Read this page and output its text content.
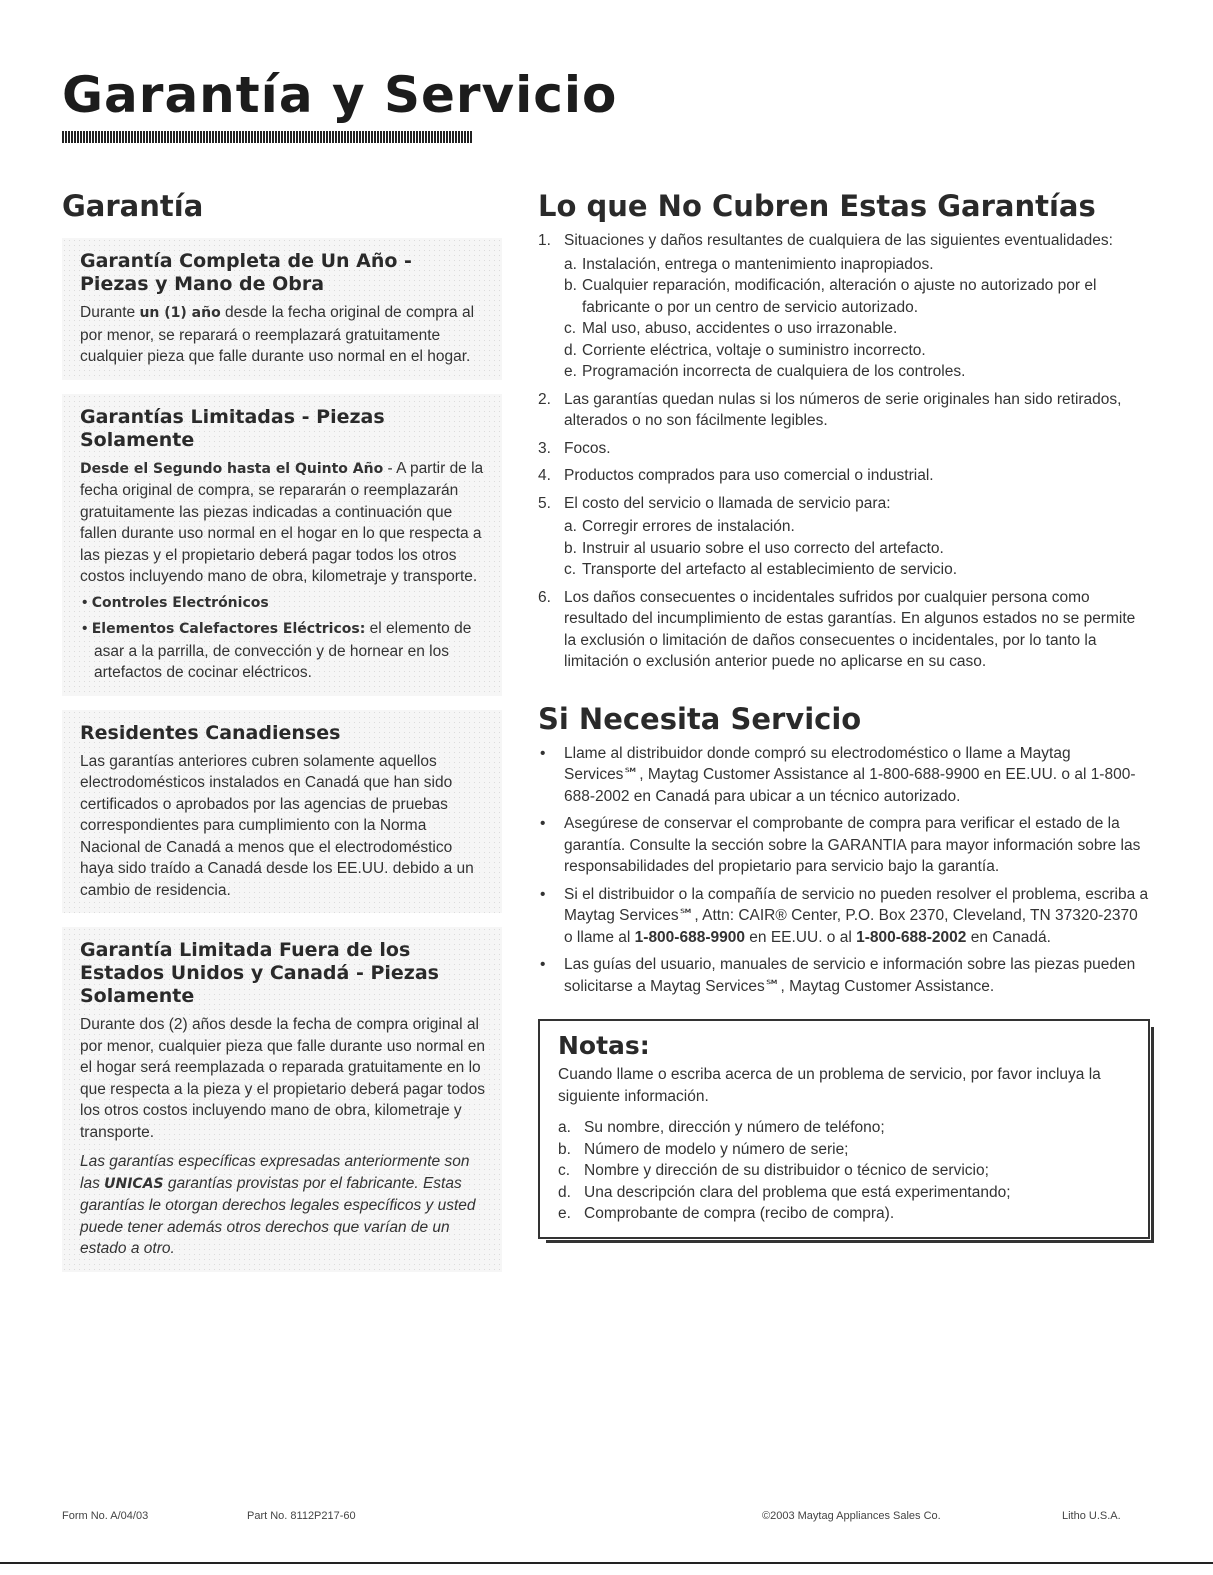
Garantía y Servicio
Garantía
Garantía Completa de Un Año - Piezas y Mano de Obra

Durante un (1) año desde la fecha original de compra al por menor, se reparará o reemplazará gratuitamente cualquier pieza que falle durante uso normal en el hogar.

Garantías Limitadas - Piezas Solamente

Desde el Segundo hasta el Quinto Año - A partir de la fecha original de compra, se repararán o reemplazarán gratuitamente las piezas indicadas a continuación que fallen durante uso normal en el hogar en lo que respecta a las piezas y el propietario deberá pagar todos los otros costos incluyendo mano de obra, kilometraje y transporte.

• Controles Electrónicos

• Elementos Calefactores Eléctricos: el elemento de asar a la parrilla, de convección y de hornear en los artefactos de cocinar eléctricos.

Residentes Canadienses

Las garantías anteriores cubren solamente aquellos electrodomésticos instalados en Canadá que han sido certificados o aprobados por las agencias de pruebas correspondientes para cumplimiento con la Norma Nacional de Canadá a menos que el electrodoméstico haya sido traído a Canadá desde los EE.UU. debido a un cambio de residencia.

Garantía Limitada Fuera de los Estados Unidos y Canadá - Piezas Solamente

Durante dos (2) años desde la fecha de compra original al por menor, cualquier pieza que falle durante uso normal en el hogar será reemplazada o reparada gratuitamente en lo que respecta a la pieza y el propietario deberá pagar todos los otros costos incluyendo mano de obra, kilometraje y transporte.

Las garantías específicas expresadas anteriormente son las UNICAS garantías provistas por el fabricante. Estas garantías le otorgan derechos legales específicos y usted puede tener además otros derechos que varían de un estado a otro.

Lo que No Cubren Estas Garantías
1. Situaciones y daños resultantes de cualquiera de las siguientes eventualidades:
a. Instalación, entrega o mantenimiento inapropiados.
b. Cualquier reparación, modificación, alteración o ajuste no autorizado por el fabricante o por un centro de servicio autorizado.
c. Mal uso, abuso, accidentes o uso irrazonable.
d. Corriente eléctrica, voltaje o suministro incorrecto.
e. Programación incorrecta de cualquiera de los controles.
2. Las garantías quedan nulas si los números de serie originales han sido retirados, alterados o no son fácilmente legibles.
3. Focos.
4. Productos comprados para uso comercial o industrial.
5. El costo del servicio o llamada de servicio para:
a. Corregir errores de instalación.
b. Instruir al usuario sobre el uso correcto del artefacto.
c. Transporte del artefacto al establecimiento de servicio.
6. Los daños consecuentes o incidentales sufridos por cualquier persona como resultado del incumplimiento de estas garantías. En algunos estados no se permite la exclusión o limitación de daños consecuentes o incidentales, por lo tanto la limitación o exclusión anterior puede no aplicarse en su caso.
Si Necesita Servicio
• Llame al distribuidor donde compró su electrodoméstico o llame a Maytag Services℠, Maytag Customer Assistance al 1-800-688-9900 en EE.UU. o al 1-800-688-2002 en Canadá para ubicar a un técnico autorizado.
• Asegúrese de conservar el comprobante de compra para verificar el estado de la garantía. Consulte la sección sobre la GARANTIA para mayor información sobre las responsabilidades del propietario para servicio bajo la garantía.
• Si el distribuidor o la compañía de servicio no pueden resolver el problema, escriba a Maytag Services℠, Attn: CAIR® Center, P.O. Box 2370, Cleveland, TN 37320-2370 o llame al 1-800-688-9900 en EE.UU. o al 1-800-688-2002 en Canadá.
• Las guías del usuario, manuales de servicio e información sobre las piezas pueden solicitarse a Maytag Services℠, Maytag Customer Assistance.
Notas:

Cuando llame o escriba acerca de un problema de servicio, por favor incluya la siguiente información.

a. Su nombre, dirección y número de teléfono;
b. Número de modelo y número de serie;
c. Nombre y dirección de su distribuidor o técnico de servicio;
d. Una descripción clara del problema que está experimentando;
e. Comprobante de compra (recibo de compra).
Form No. A/04/03	Part No. 8112P217-60	©2003 Maytag Appliances Sales Co.	Litho U.S.A.
